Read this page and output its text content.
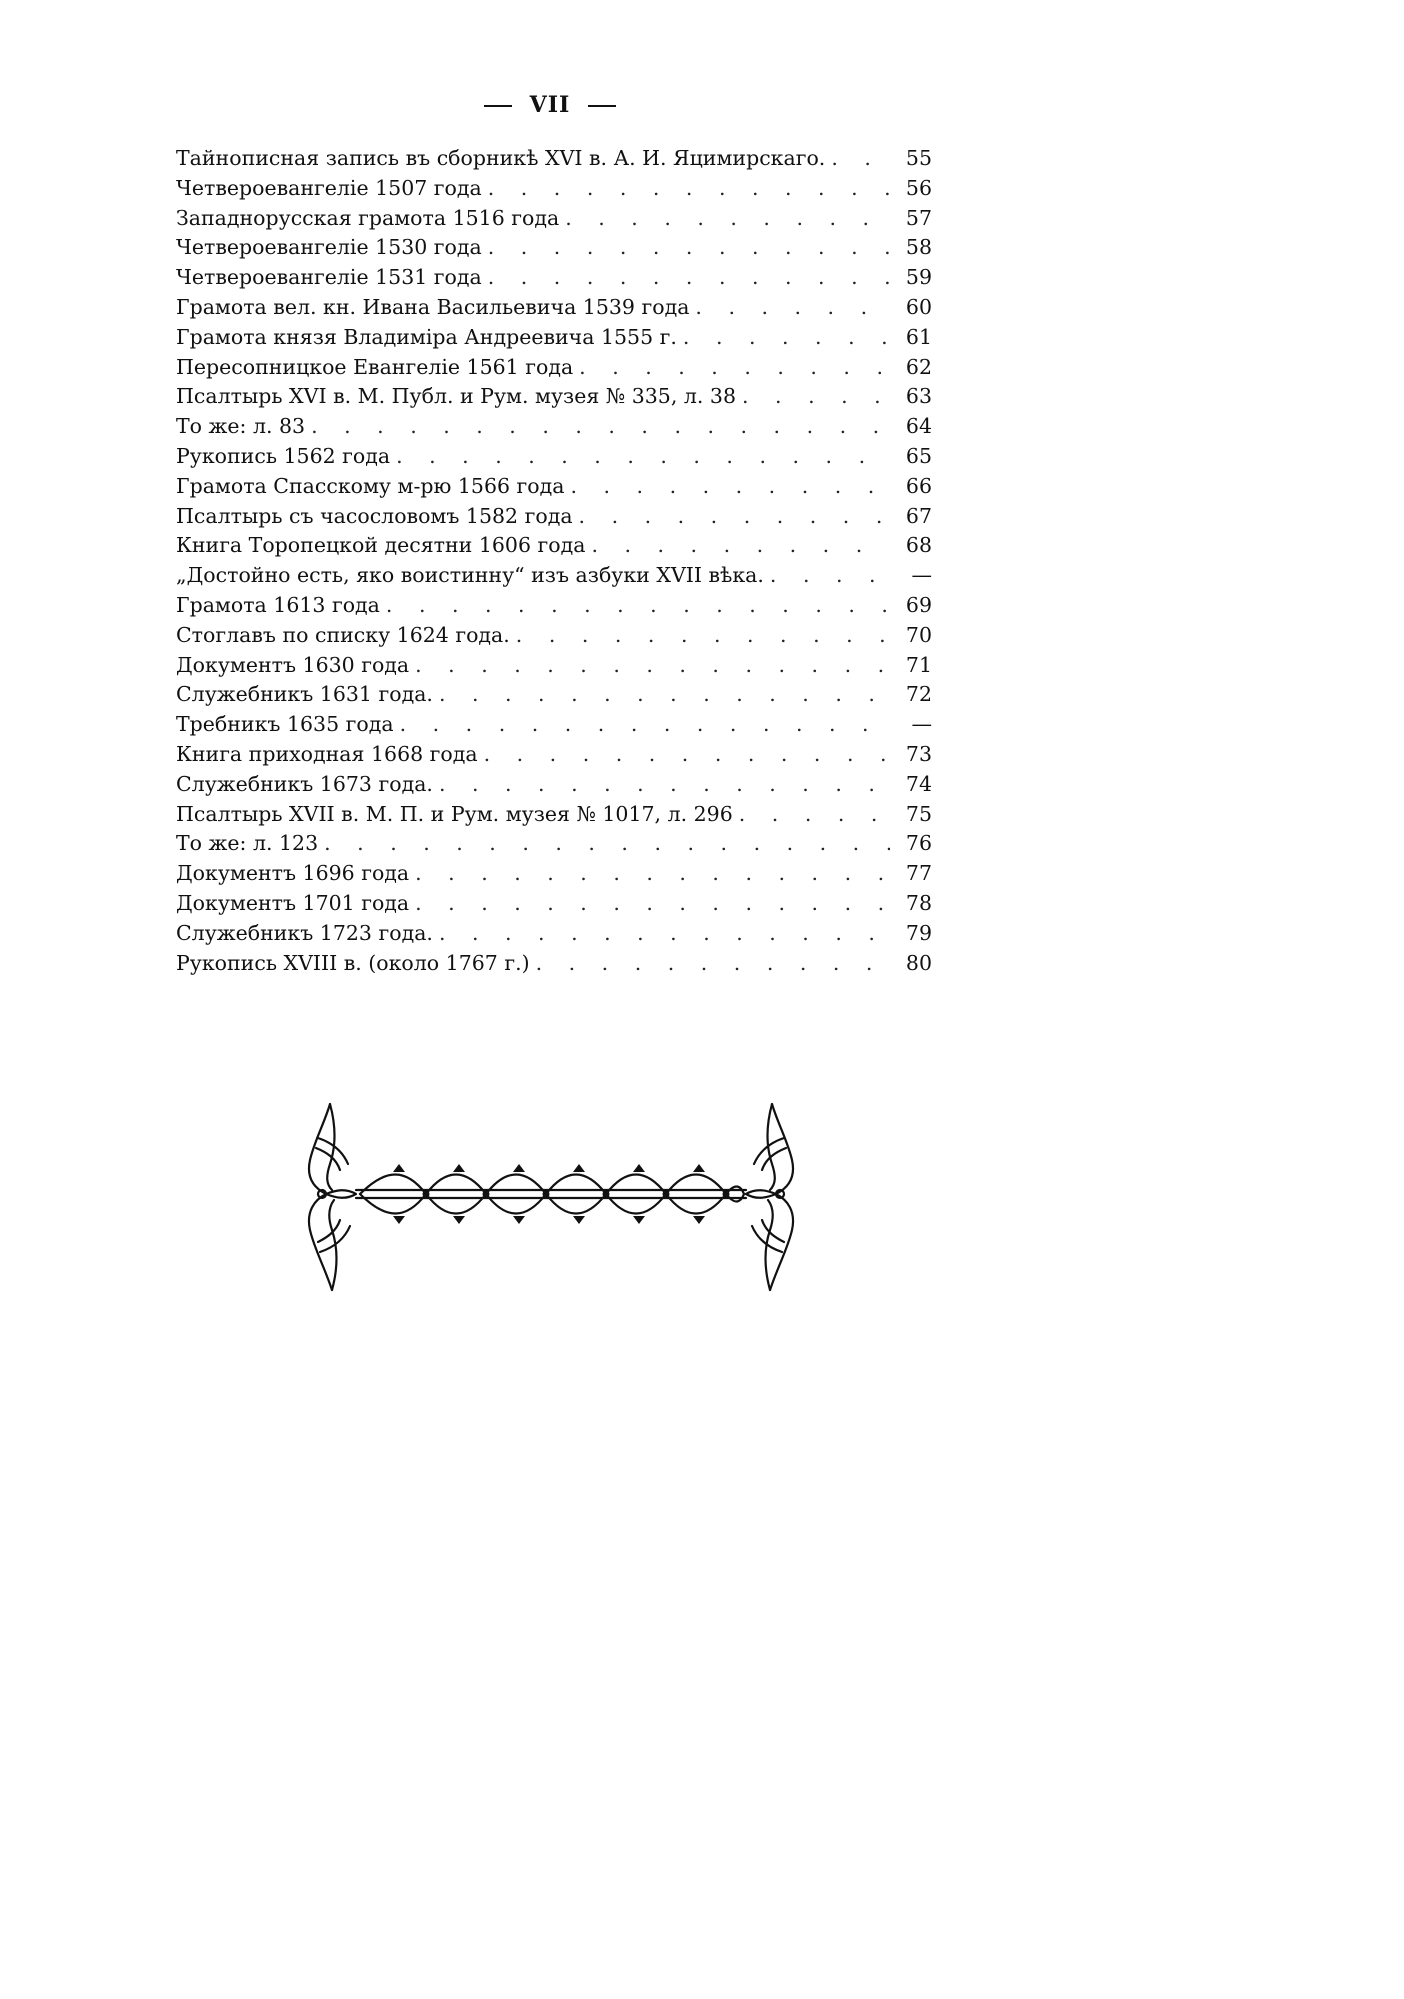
VII
Тайнописная запись въ сборникѣ XVI в. А. И. Яцимирскаго. . . .	55
Четвероевангеліе 1507 года . . .	56
Западнорусская грамота 1516 года . . .	57
Четвероевангеліе 1530 года . . .	58
Четвероевангеліе 1531 года . . .	59
Грамота вел. кн. Ивана Васильевича 1539 года . . .	60
Грамота князя Владиміра Андреевича 1555 г. . . .	61
Пересопницкое Евангеліе 1561 года . . .	62
Псалтырь XVI в. М. Публ. и Рум. музея № 335, л. 38 . . .	63
То же: л. 83 . . .	64
Рукопись 1562 года . . .	65
Грамота Спасскому м-рю 1566 года . . .	66
Псалтырь съ часословомъ 1582 года . . .	67
Книга Торопецкой десятни 1606 года . . .	68
„Достойно есть, яко воистинну“ изъ азбуки XVII вѣка. . . .	—
Грамота 1613 года . . .	69
Стоглавъ по списку 1624 года. . . .	70
Документъ 1630 года . . .	71
Служебникъ 1631 года. . . .	72
Требникъ 1635 года . . .	—
Книга приходная 1668 года . . .	73
Служебникъ 1673 года. . . .	74
Псалтырь XVII в. М. П. и Рум. музея № 1017, л. 296 . . .	75
То же: л. 123 . . .	76
Документъ 1696 года . . .	77
Документъ 1701 года . . .	78
Служебникъ 1723 года. . . .	79
Рукопись XVIII в. (около 1767 г.) . . .	80
